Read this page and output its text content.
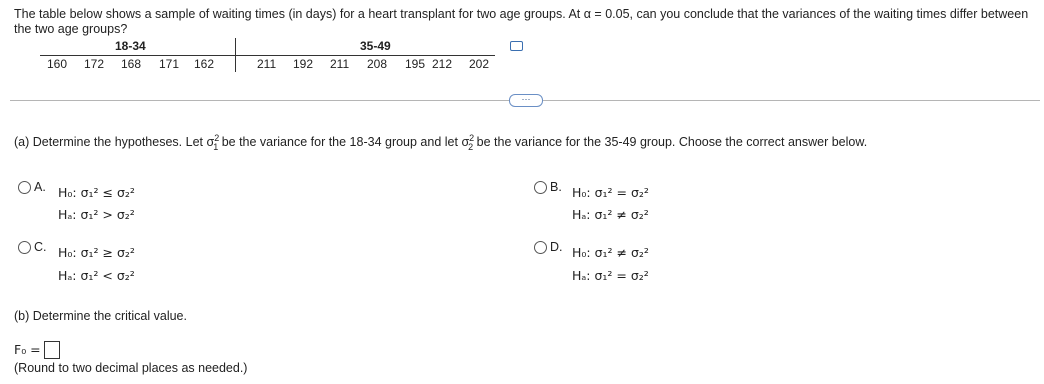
The table below shows a sample of waiting times (in days) for a heart transplant for two age groups. At α = 0.05, can you conclude that the variances of the waiting times differ between the two age groups?
18-34	35-49
160 172 168 171 162	211 192 211 208 195 212 202
⋯
(a) Determine the hypotheses. Let $\sigma^2_1$ be the variance for the 18-34 group and let $\sigma^2_2$ be the variance for the 35-49 group. Choose the correct answer below.
A. H₀: σ₁² ≤ σ₂²
Hₐ: σ₁² > σ₂²
B. H₀: σ₁² = σ₂²
Hₐ: σ₁² ≠ σ₂²
C. H₀: σ₁² ≥ σ₂²
Hₐ: σ₁² < σ₂²
D. H₀: σ₁² ≠ σ₂²
Hₐ: σ₁² = σ₂²
(b) Determine the critical value.
F₀ =
(Round to two decimal places as needed.)
